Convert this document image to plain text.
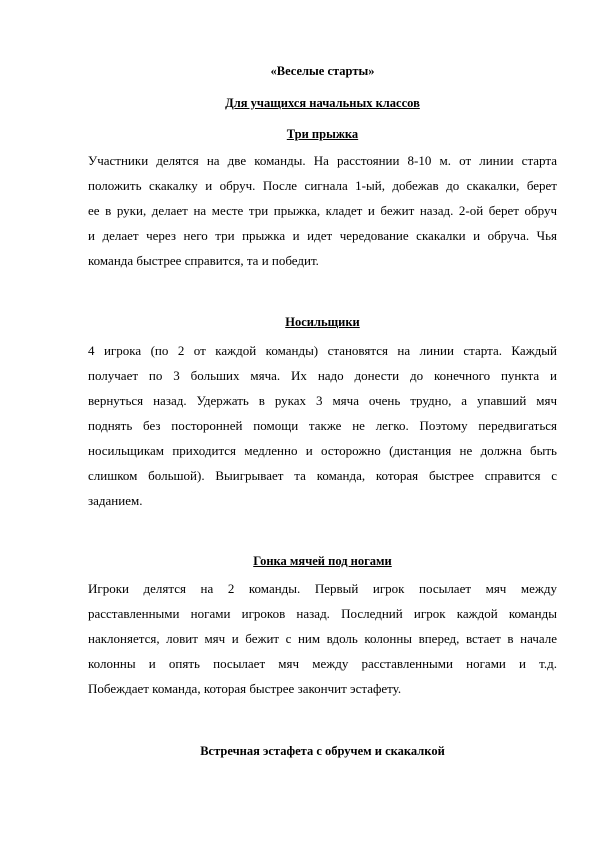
«Веселые старты»
Для учащихся начальных классов
Три прыжка
Участники делятся на две команды. На расстоянии 8-10 м. от линии старта
положить скакалку и обруч. После сигнала 1-ый, добежав до скакалки, берет
ее в руки, делает на месте три прыжка, кладет и бежит назад. 2-ой берет обруч
и делает через него три прыжка и идет чередование скакалки и обруча. Чья
команда быстрее справится, та и победит.
Носильщики
4 игрока (по 2 от каждой команды) становятся на линии старта. Каждый
получает по 3 больших мяча. Их надо донести до конечного пункта и
вернуться назад. Удержать в руках 3 мяча очень трудно, а упавший мяч
поднять без посторонней помощи также не легко. Поэтому передвигаться
носильщикам приходится медленно и осторожно (дистанция не должна быть
слишком большой). Выигрывает та команда, которая быстрее справится с
заданием.
Гонка мячей под ногами
Игроки делятся на 2 команды. Первый игрок посылает мяч между
расставленными ногами игроков назад. Последний игрок каждой команды
наклоняется, ловит мяч и бежит с ним вдоль колонны вперед, встает в начале
колонны и опять посылает мяч между расставленными ногами и т.д.
Побеждает команда, которая быстрее закончит эстафету.
Встречная эстафета с обручем и скакалкой
